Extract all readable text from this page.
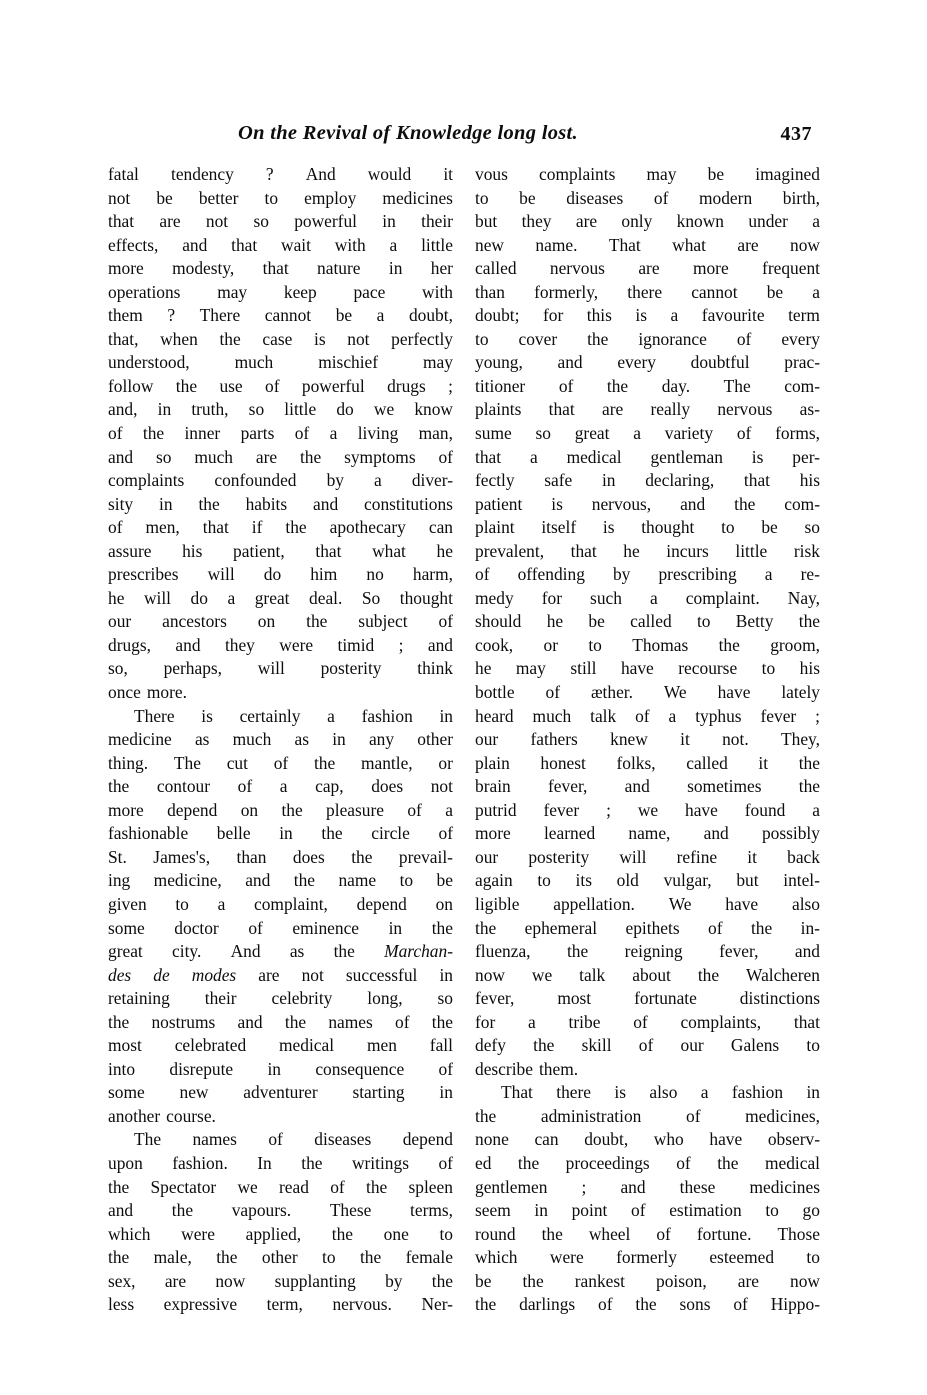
On the Revival of Knowledge long lost.	437
fatal tendency ? And would it
not be better to employ medicines
that are not so powerful in their
effects, and that wait with a little
more modesty, that nature in her
operations may keep pace with
them ? There cannot be a doubt,
that, when the case is not perfectly
understood,	much	mischief	may
follow the use of powerful drugs ;
and, in truth, so little do we know
of the inner parts of a living man,
and so much are the symptoms of
complaints confounded by a diver-
sity in the habits and constitutions
of men, that if the apothecary can
assure his patient, that what he
prescribes will do him no harm,
he will do a great deal. So thought
our ancestors on the subject of
drugs, and they were timid ; and
so, perhaps, will posterity think
once more.
There is certainly a fashion in
medicine as much as in any other
thing. The cut of the mantle, or
the contour of a cap, does not
more depend on the pleasure of a
fashionable belle in the circle of
St. James's, than does the prevail-
ing medicine, and the name to be
given to a complaint, depend on
some doctor of eminence in the
great city. And as the Marchan-
des de modes are not successful in
retaining their celebrity long, so
the nostrums and the names of the
most celebrated medical men fall
into disrepute in consequence of
some new adventurer starting in
another course.
The names of diseases depend
upon fashion. In the writings of
the Spectator we read of the spleen
and the vapours. These terms,
which were applied, the one to
the male, the other to the female
sex, are now supplanting by the
less expressive term, nervous. Ner-
vous complaints may be imagined
to be diseases of modern birth,
but they are only known under a
new name. That what are now
called nervous are more frequent
than formerly, there cannot be a
doubt; for this is a favourite term
to cover the ignorance of every
young, and every doubtful prac-
titioner of the day. The com-
plaints that are really nervous as-
sume so great a variety of forms,
that a medical gentleman is per-
fectly safe in declaring, that his
patient is nervous, and the com-
plaint itself is thought to be so
prevalent, that he incurs little risk
of offending by prescribing a re-
medy for such a complaint. Nay,
should he be called to Betty the
cook, or to Thomas the groom,
he may still have recourse to his
bottle of æther. We have lately
heard much talk of a typhus fever ;
our fathers knew it not. They,
plain honest folks, called it the
brain fever, and sometimes the
putrid fever ; we have found a
more learned name, and possibly
our posterity will refine it back
again to its old vulgar, but intel-
ligible appellation. We have also
the ephemeral epithets of the in-
fluenza, the reigning fever, and
now we talk about the Walcheren
fever, most fortunate distinctions
for a tribe of complaints, that
defy the skill of our Galens to
describe them.
That there is also a fashion in
the	administration	of	medicines,
none can doubt, who have observ-
ed the proceedings of the medical
gentlemen ; and these medicines
seem in point of estimation to go
round the wheel of fortune. Those
which were formerly esteemed to
be the rankest poison, are now
the darlings of the sons of Hippo-
